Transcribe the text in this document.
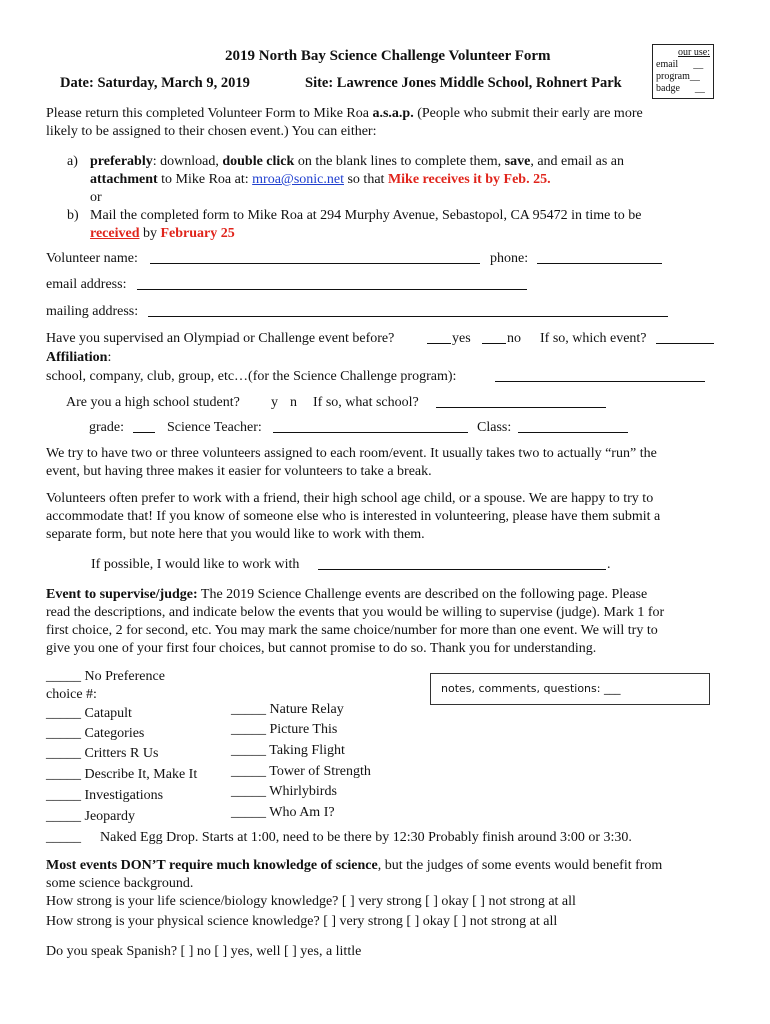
2019 North Bay Science Challenge Volunteer Form
Date: Saturday, March 9, 2019	Site: Lawrence Jones Middle School, Rohnert Park
our use:
email      __
program__
badge      __
Please return this completed Volunteer Form to Mike Roa a.s.a.p. (People who submit their early are more
likely to be assigned to their chosen event.) You can either:
a) preferably: download, double click on the blank lines to complete them, save, and email as an
attachment to Mike Roa at: mroa@sonic.net so that Mike receives it by Feb. 25.
or
b) Mail the completed form to Mike Roa at 294 Murphy Avenue, Sebastopol, CA 95472 in time to be
received by February 25
Volunteer name:	phone:
email address:
mailing address:
Have you supervised an Olympiad or Challenge event before?	yes	no If so, which event?
Affiliation:
school, company, club, group, etc…(for the Science Challenge program):
Are you a high school student? y n If so, what school?
grade:	Science Teacher:	Class:
We try to have two or three volunteers assigned to each room/event. It usually takes two to actually “run” the
event, but having three makes it easier for volunteers to take a break.
Volunteers often prefer to work with a friend, their high school age child, or a spouse. We are happy to try to
accommodate that! If you know of someone else who is interested in volunteering, please have them submit a
separate form, but note here that you would like to work with them.
If possible, I would like to work with	.
Event to supervise/judge: The 2019 Science Challenge events are described on the following page. Please
read the descriptions, and indicate below the events that you would be willing to supervise (judge). Mark 1 for
first choice, 2 for second, etc. You may mark the same choice/number for more than one event. We will try to
give you one of your first four choices, but cannot promise to do so. Thank you for understanding.
_____ No Preference
choice #:
_____ Catapult
_____ Categories
_____ Critters R Us
_____ Describe It, Make It
_____ Investigations
_____ Jeopardy
_____ Nature Relay
_____ Picture This
_____ Taking Flight
_____ Tower of Strength
_____ Whirlybirds
_____ Who Am I?
notes, comments, questions: ___
_____ Naked Egg Drop. Starts at 1:00, need to be there by 12:30 Probably finish around 3:00 or 3:30.
Most events DON’T require much knowledge of science, but the judges of some events would benefit from
some science background.
How strong is your life science/biology knowledge? [ ] very strong [ ] okay [ ] not strong at all
How strong is your physical science knowledge? [ ] very strong [ ] okay [ ] not strong at all
Do you speak Spanish? [ ] no [ ] yes, well [ ] yes, a little
